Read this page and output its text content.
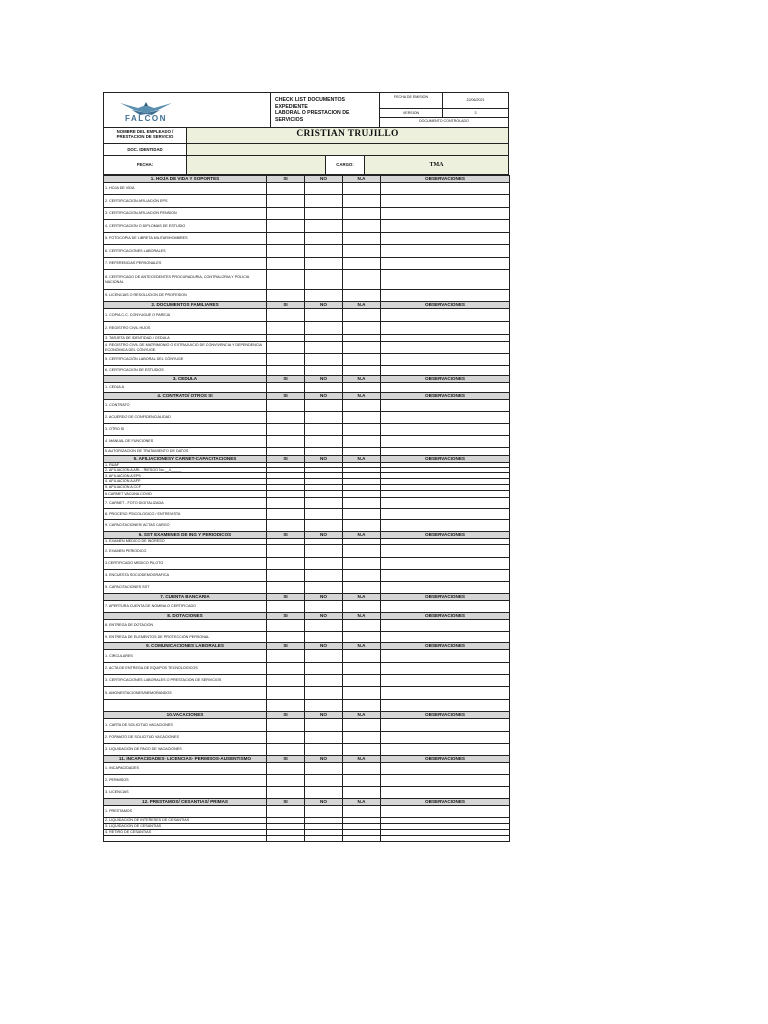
FALCON
CHECK LIST DOCUMENTOS EXPEDIENTE
LABORAL O PRESTACION DE SERVICIOS
FECHA DE EMISION
22/06/2021
VERSION	3
DOCUMENTO CONTROLADO
NOMBRE DEL EMPLEADO / PRESTACION DE SERVICIO	CRISTIAN TRUJILLO
DOC. IDENTIDAD
FECHA:	CARGO:	TMA
1. HOJA DE VIDA Y SOPORTES	SI	NO	N.A	OBSERVACIONES
1. HOJA DE VIDA				
2. CERTIFICACION AFILIACION EPS				
3. CERTIFICACION AFILIACION PENSION				
4. CERTIFICACION O DIPLOMAS DE ESTUDIO				
5. FOTOCOPIA DE LIBRETA MILITAR/HOMBRES				
6. CERTIFICACIONES LABORALES				
7. REFERENCIAS PERSONALES				
8. CERTIFICADO DE ANTECEDENTES PROCURADURIA, CONTRALORIA Y POLICIA NACIONAL				
9. LICENCIAS O RESOLUCION DE PROFESION				
2. DOCUMENTOS FAMILIARES	SI	NO	N.A	OBSERVACIONES
1. COPIA C.C. CONYUGUE O PAREJA				
2. REGISTRO CIVIL HIJOS				
3. TARJETA DE IDENTIDAD / CEDULA				
4. REGISTRO CIVIL DE MATRIMONIO O EXTRAJUICIO DE CONVIVENCIA Y DEPENDENCIA ECONÓMICA DEL CÓNYUGE.				
5. CERTIFICACIÓN LABORAL DEL CÓNYUGE				
6. CERTIFICACION DE ESTUDIOS				
3. CEDULA	SI	NO	N.A	OBSERVACIONES
1. CEDULA				
4. CONTRATO/ OTROS SI	SI	NO	N.A	OBSERVACIONES
1. CONTRATO				
2. ACUERDO DE CONFIDENCIALIDAD				
3. OTRO SI				
4. MANUAL DE FUNCIONES				
5.AUTORIZACION DE TRATAMIENTO DE DATOS				
5. AFILIACIONESY CARNET-CAPACITACIONES	SI	NO	N.A	OBSERVACIONES
1. RUAF				
2. AFILIACION A ARL - RIESGO No.__4_____				
3. AFILIACION A EPS				
4. AFILIACION A AFP				
5. AFILIACION A CCF				
6.CARNET VACUNA COVID				
7. CARNET - FOTO DIGITALIZADA				
8. PROCESO PSICOLOGICO / ENTREVISTA				
9. CAPACITACIONES/ ACTAS CARGO				
6. SST EXAMENES DE ING Y PERIODICOS	SI	NO	N.A	OBSERVACIONES
1. EXAMEN MEDICO DE INGRESO				
2. EXAMEN PERIODICO				
3.CERTIFICADO MEDICO PILOTO				
4. ENCUESTA SOCIODEMOGRAFICA				
5. CAPACITACIONES SST				
7. CUENTA BANCARIA	SI	NO	N.A	OBSERVACIONES
7. APERTURA CUENTA DE NOMINA O CERTIFICADO				
8. DOTACIONES	SI	NO	N.A	OBSERVACIONES
8. ENTREGA DE DOTACION				
9. ENTREGA DE ELEMENTOS DE PROTECCIÓN PERSONAL				
9. COMUNICACIONES LABORALES	SI	NO	N.A	OBSERVACIONES
1. CIRCULARES				
2. ACTA DE ENTREGA DE EQUIPOS TECNOLOGICOS				
3. CERTIFICACIONES LABORALES O PRESTACION DE SERVICIOS				
5. AMONESTACIONES/MEMORANDOS				

10.VACACIONES	SI	NO	N.A	OBSERVACIONES
1. CARTA DE SOLICITUD VACACIONES				
2. FORMATO DE SOLICITUD VACACIONES				
3. LIQUIDACION DE PAGO DE VACACIONES				
11. INCAPACIDADES- LICENCIAS- PERMISOS-AUSENTISMO	SI	NO	N.A	OBSERVACIONES
1. INCAPACIDADES				
2. PERMISOS				
3. LICENCIAS				
12. PRESTAMOS/ CESANTIAS/ PRIMAS	SI	NO	N.A	OBSERVACIONES
1. PRESTAMOS				
2. LIQUIDACION DE INTERESES DE CESANTIAS				
3. LIQUIDACION DE CESANTIAS				
4. RETIRO DE CESANTIAS				
